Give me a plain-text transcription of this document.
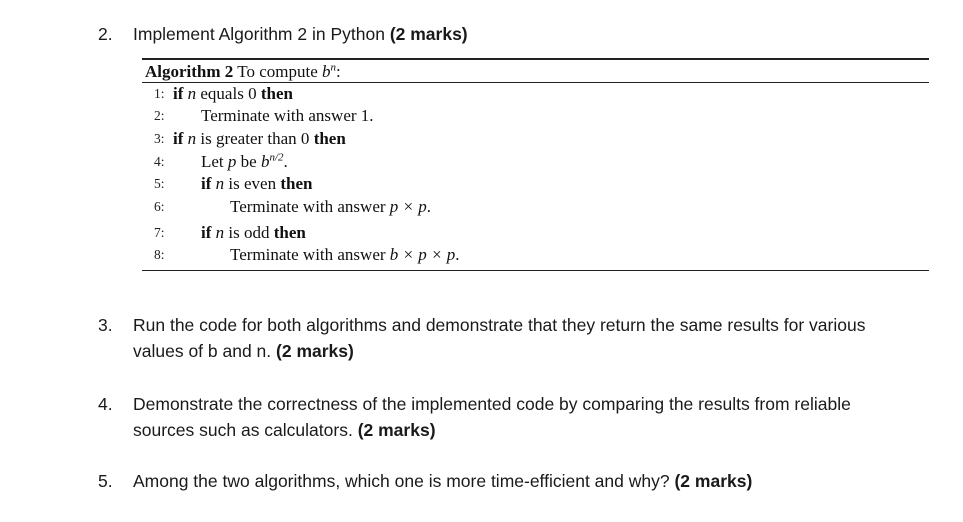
2.	Implement Algorithm 2 in Python (2 marks)
Algorithm 2 To compute $b^n$:
1: if n equals 0 then
2: Terminate with answer 1.
3: if n is greater than 0 then
4: Let p be $b^{n/2}$.
5: if n is even then
6:	Terminate with answer p × p.
7: if n is odd then
8:	Terminate with answer b × p × p.
3.	Run the code for both algorithms and demonstrate that they return the same results for various values of b and n. (2 marks)
4.	Demonstrate the correctness of the implemented code by comparing the results from reliable sources such as calculators. (2 marks)
5.	Among the two algorithms, which one is more time-efficient and why? (2 marks)
